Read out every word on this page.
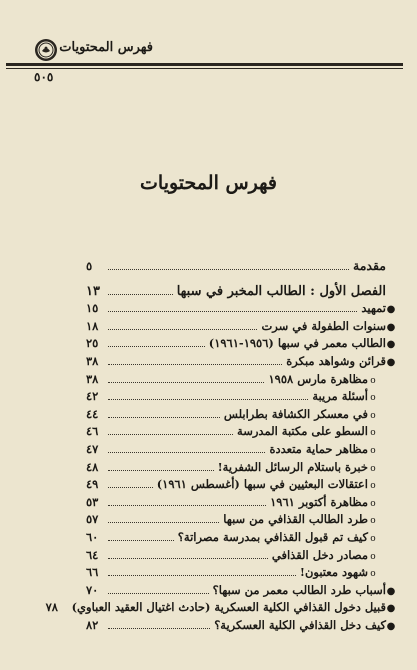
فهرس المحتويات
٥٠٥
فهرس المحتويات
مقدمة
٥
الفصل الأول : الطالب المخبر في سبها
١٣
●
تمهيد
١٥
●
سنوات الطفولة في سرت
١٨
●
الطالب معمر في سبها (١٩٥٦-١٩٦١)
٢٥
●
قرائن وشواهد مبكرة
٣٨
o
مظاهرة مارس ١٩٥٨
٣٨
o
أسئلة مريبة
٤٢
o
في معسكر الكشافة بطرابلس
٤٤
o
السطو على مكتبة المدرسة
٤٦
o
مظاهر حماية متعددة
٤٧
o
خبرة باستلام الرسائل الشفرية!
٤٨
o
اعتقالات البعثيين في سبها (أغسطس ١٩٦١)
٤٩
o
مظاهرة أكتوبر ١٩٦١
٥٣
o
طرد الطالب القذافي من سبها
٥٧
o
كيف تم قبول القذافي بمدرسة مصراتة؟
٦٠
o
مصادر دخل القذافي
٦٤
o
شهود معتبون!
٦٦
●
أسباب طرد الطالب معمر من سبها؟
٧٠
●
قبيل دخول القذافي الكلية العسكرية (حادث اغتيال العقيد العباوي)
٧٨
●
كيف دخل القذافي الكلية العسكرية؟
٨٢
